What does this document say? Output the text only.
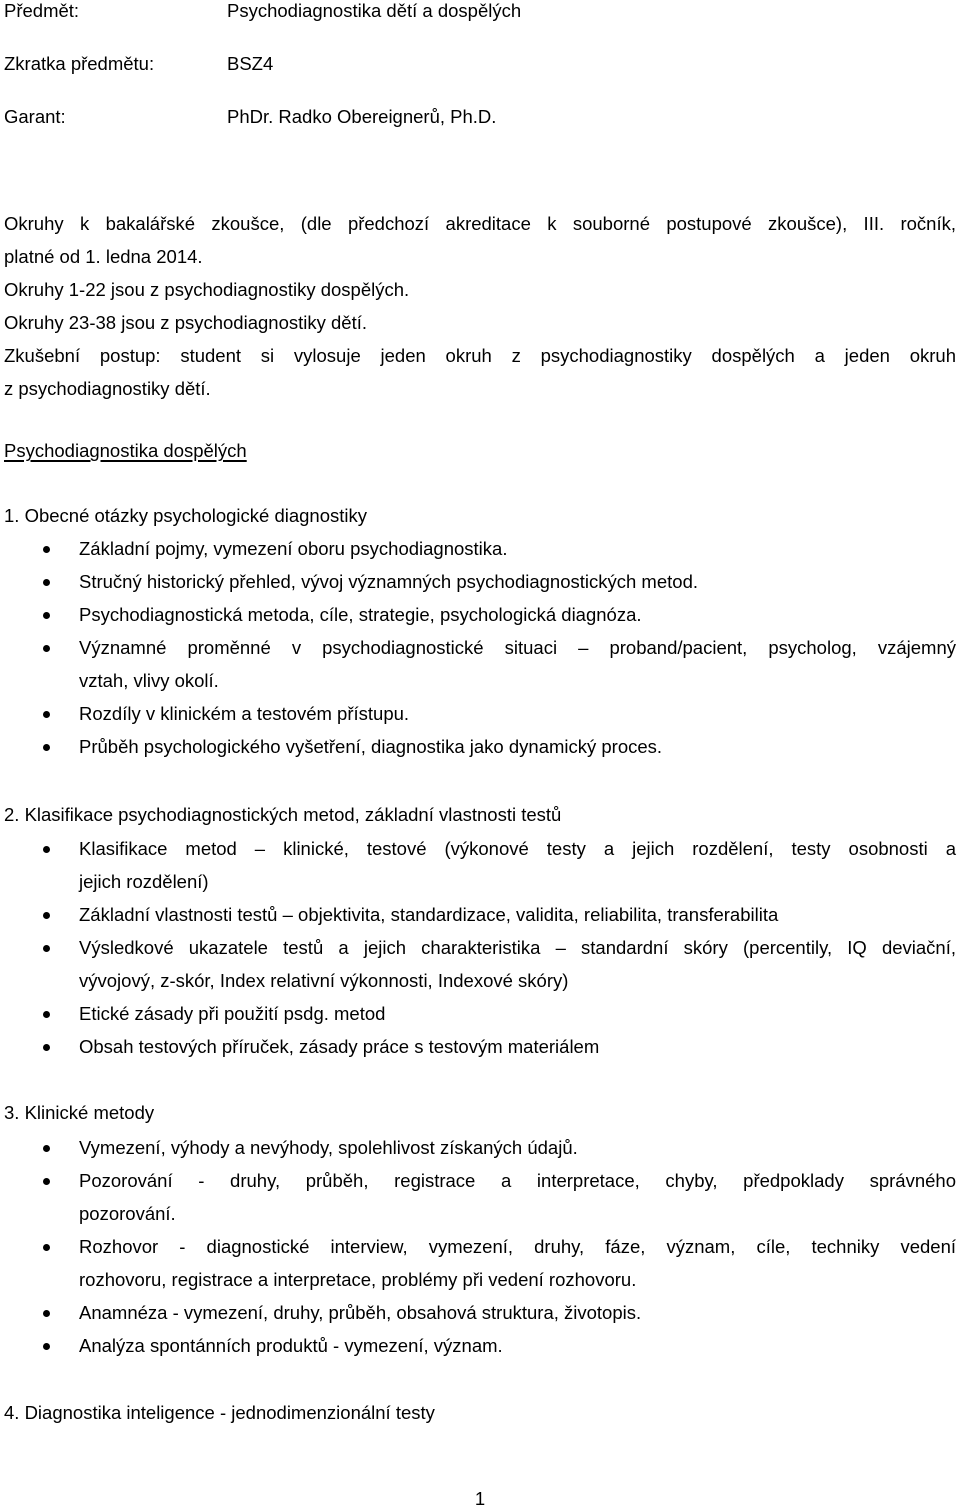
Předmět:	Psychodiagnostika dětí a dospělých
Zkratka předmětu:	BSZ4
Garant:	PhDr. Radko Obereignerů, Ph.D.
Okruhy k bakalářské zkoušce, (dle předchozí akreditace k souborné postupové zkoušce), III. ročník,
platné od 1. ledna 2014.
Okruhy 1-22 jsou z psychodiagnostiky dospělých.
Okruhy 23-38 jsou z psychodiagnostiky dětí.
Zkušební postup: student si vylosuje jeden okruh z psychodiagnostiky dospělých a jeden okruh
z psychodiagnostiky dětí.
Psychodiagnostika dospělých
1. Obecné otázky psychologické diagnostiky
Základní pojmy, vymezení oboru psychodiagnostika.
Stručný historický přehled, vývoj významných psychodiagnostických metod.
Psychodiagnostická metoda, cíle, strategie, psychologická diagnóza.
Významné proměnné v psychodiagnostické situaci – proband/pacient, psycholog, vzájemný
vztah, vlivy okolí.
Rozdíly v klinickém a testovém přístupu.
Průběh psychologického vyšetření, diagnostika jako dynamický proces.
2. Klasifikace psychodiagnostických metod, základní vlastnosti testů
Klasifikace metod – klinické, testové (výkonové testy a jejich rozdělení, testy osobnosti a
jejich rozdělení)
Základní vlastnosti testů – objektivita, standardizace, validita, reliabilita, transferabilita
Výsledkové ukazatele testů a jejich charakteristika – standardní skóry (percentily, IQ deviační,
vývojový, z-skór, Index relativní výkonnosti, Indexové skóry)
Etické zásady při použití psdg. metod
Obsah testových příruček, zásady práce s testovým materiálem
3. Klinické metody
Vymezení, výhody a nevýhody, spolehlivost získaných údajů.
Pozorování - druhy, průběh, registrace a interpretace, chyby, předpoklady správného
pozorování.
Rozhovor - diagnostické interview, vymezení, druhy, fáze, význam, cíle, techniky vedení
rozhovoru, registrace a interpretace, problémy při vedení rozhovoru.
Anamnéza - vymezení, druhy, průběh, obsahová struktura, životopis.
Analýza spontánních produktů - vymezení, význam.
4. Diagnostika inteligence - jednodimenzionální testy
1
